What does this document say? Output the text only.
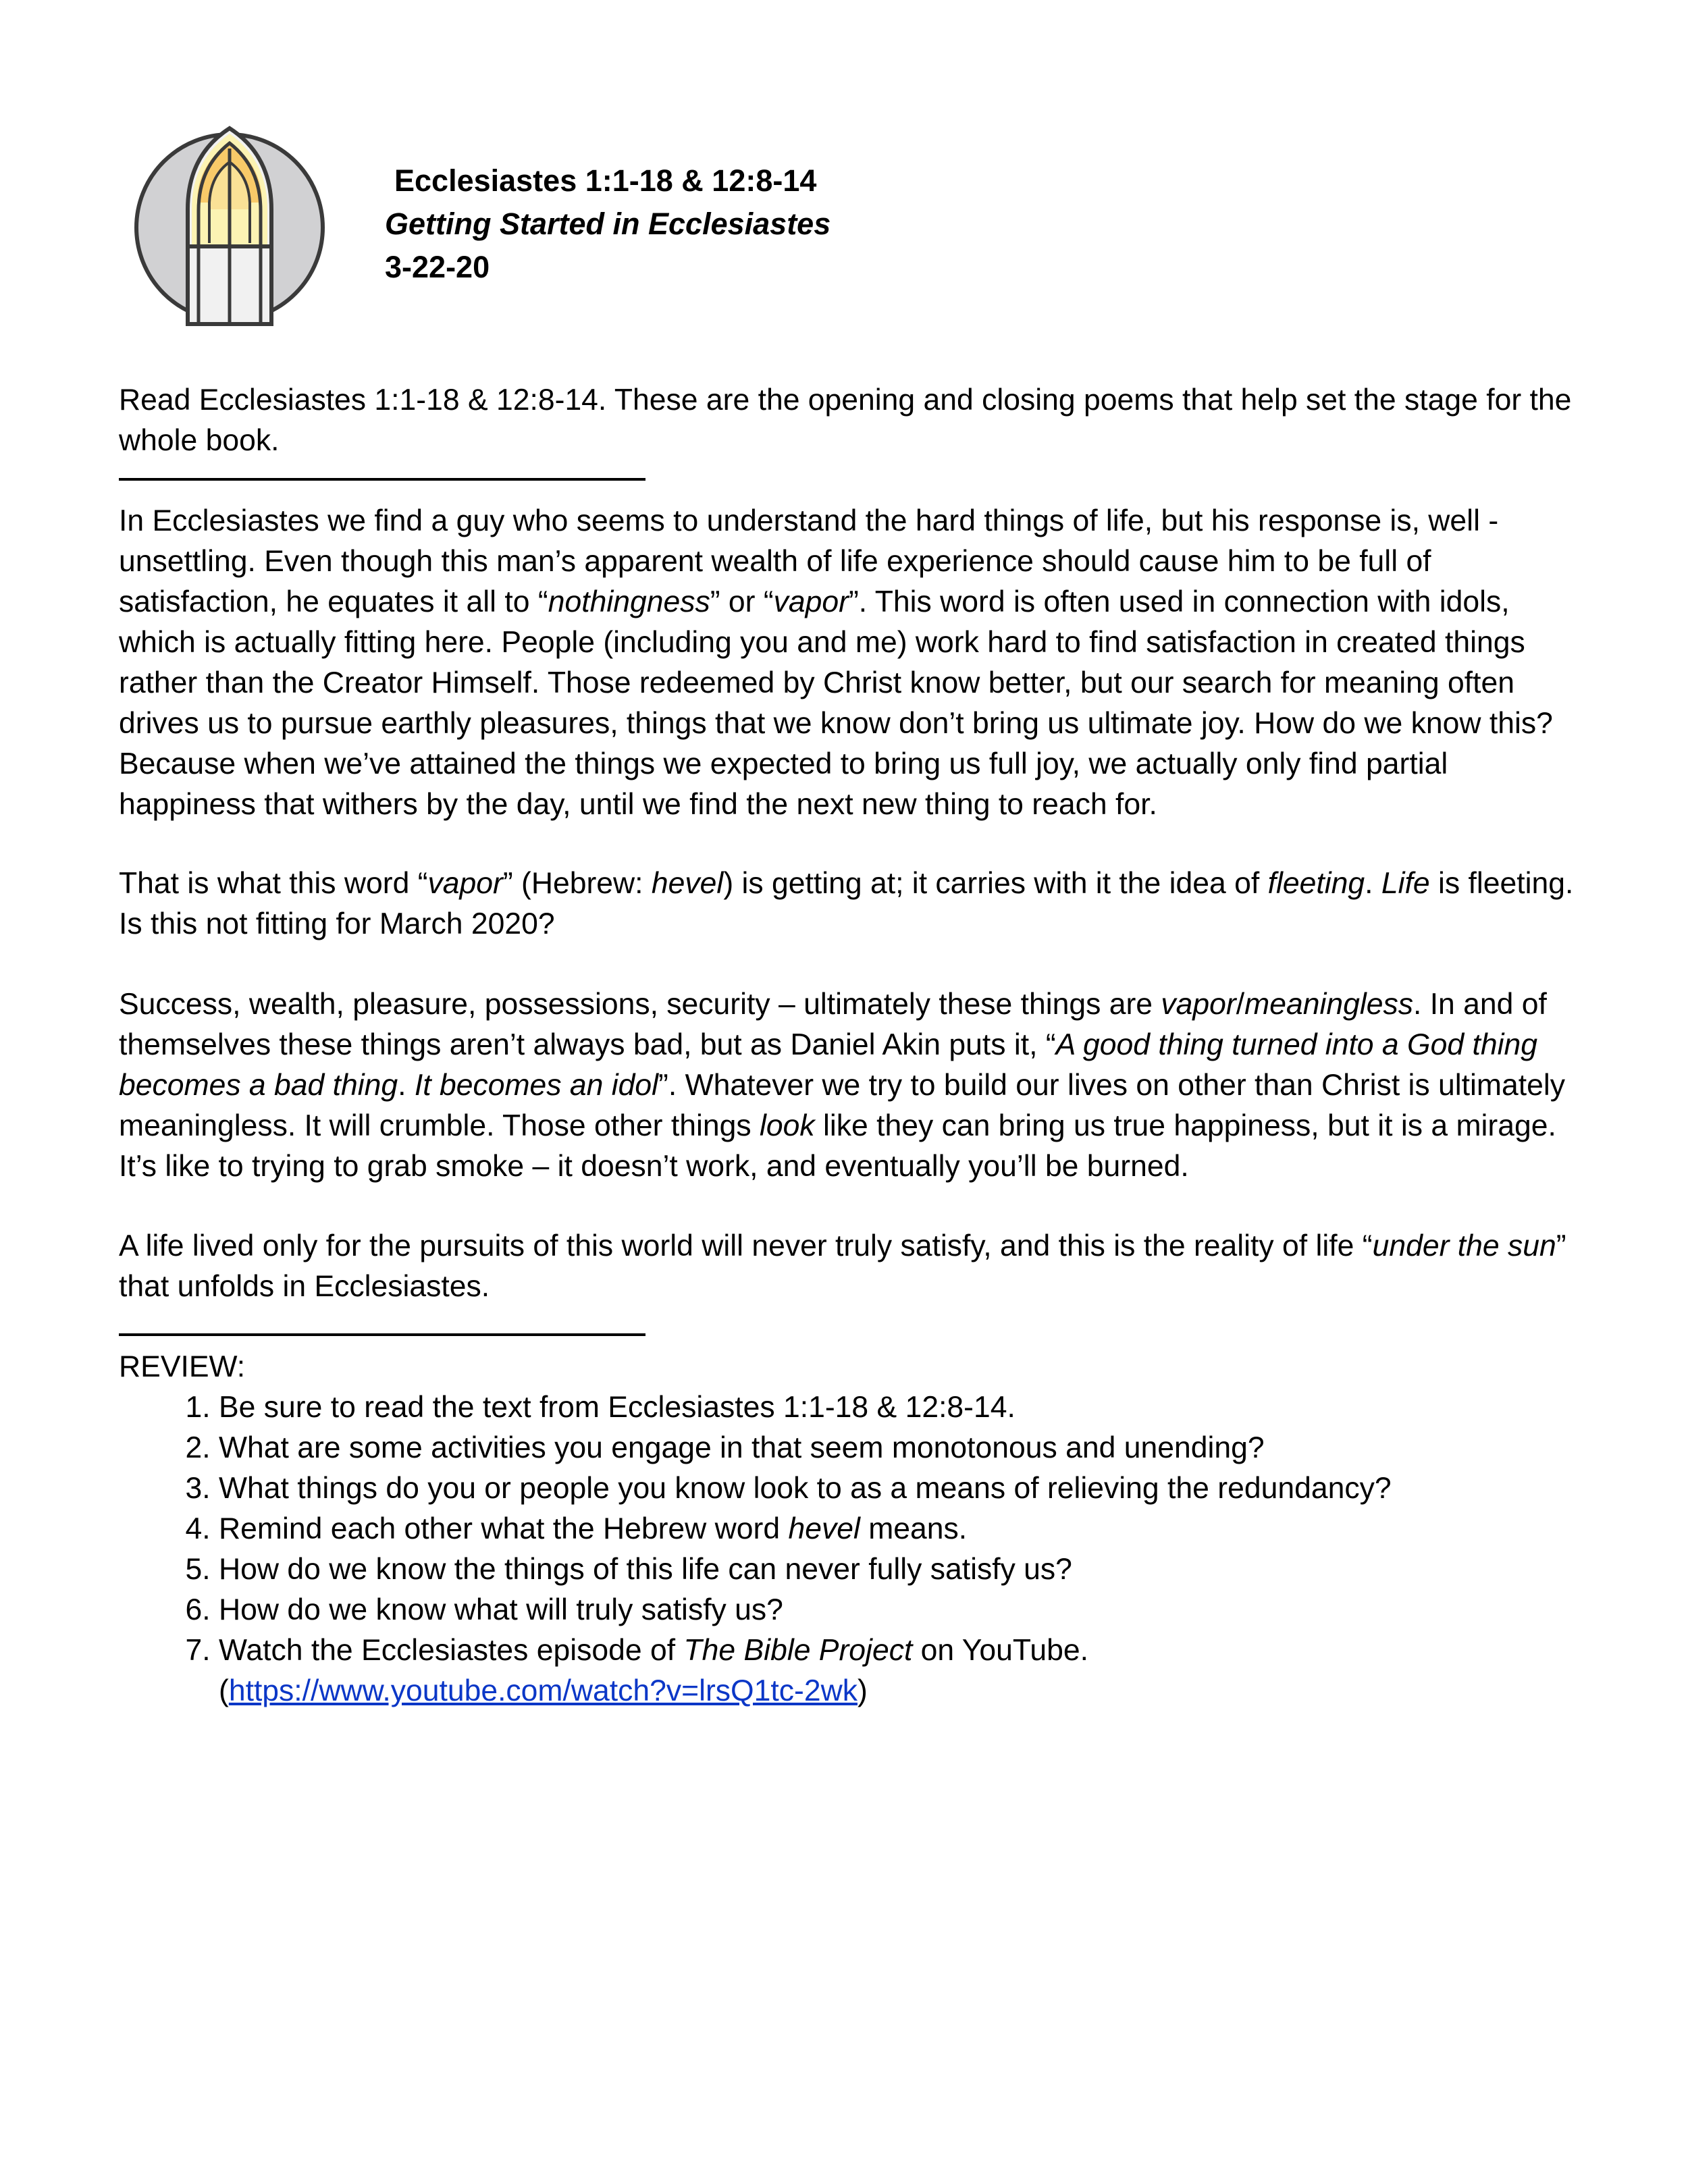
Ecclesiastes 1:1-18 & 12:8-14
Getting Started in Ecclesiastes
3-22-20

Read Ecclesiastes 1:1-18 & 12:8-14. These are the opening and closing poems that help set the stage for the whole book.

In Ecclesiastes we find a guy who seems to understand the hard things of life, but his response is, well - unsettling. Even though this man’s apparent wealth of life experience should cause him to be full of satisfaction, he equates it all to “nothingness” or “vapor”. This word is often used in connection with idols, which is actually fitting here. People (including you and me) work hard to find satisfaction in created things rather than the Creator Himself. Those redeemed by Christ know better, but our search for meaning often drives us to pursue earthly pleasures, things that we know don’t bring us ultimate joy. How do we know this? Because when we’ve attained the things we expected to bring us full joy, we actually only find partial happiness that withers by the day, until we find the next new thing to reach for.

That is what this word “vapor” (Hebrew: hevel) is getting at; it carries with it the idea of fleeting. Life is fleeting. Is this not fitting for March 2020?

Success, wealth, pleasure, possessions, security – ultimately these things are vapor/meaningless. In and of themselves these things aren’t always bad, but as Daniel Akin puts it, “A good thing turned into a God thing becomes a bad thing. It becomes an idol”. Whatever we try to build our lives on other than Christ is ultimately meaningless. It will crumble. Those other things look like they can bring us true happiness, but it is a mirage. It’s like to trying to grab smoke – it doesn’t work, and eventually you’ll be burned.

A life lived only for the pursuits of this world will never truly satisfy, and this is the reality of life “under the sun” that unfolds in Ecclesiastes.

REVIEW:
1. Be sure to read the text from Ecclesiastes 1:1-18 & 12:8-14.
2. What are some activities you engage in that seem monotonous and unending?
3. What things do you or people you know look to as a means of relieving the redundancy?
4. Remind each other what the Hebrew word hevel means.
5. How do we know the things of this life can never fully satisfy us?
6. How do we know what will truly satisfy us?
7. Watch the Ecclesiastes episode of The Bible Project on YouTube.
(https://www.youtube.com/watch?v=lrsQ1tc-2wk)
